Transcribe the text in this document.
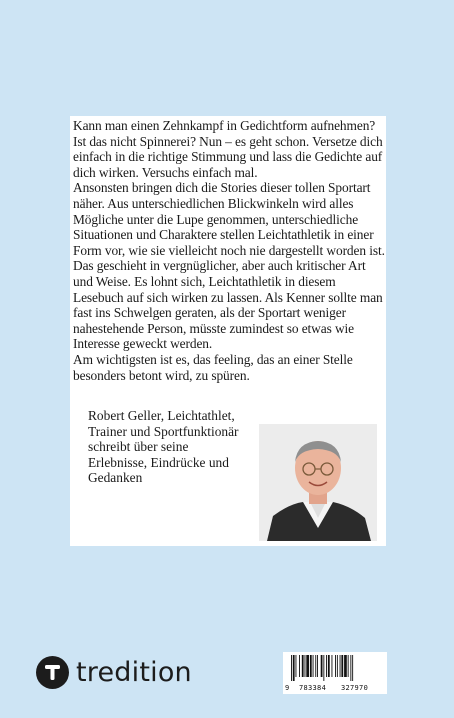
Kann man einen Zehnkampf in Gedichtform aufnehmen? Ist das nicht Spinnerei? Nun – es geht schon. Versetze dich einfach in die richtige Stimmung und lass die Gedichte auf dich wirken. Versuchs einfach mal.

Ansonsten bringen dich die Stories dieser tollen Sportart näher. Aus unterschiedlichen Blickwinkeln wird alles Mögliche unter die Lupe genommen, unterschiedliche Situationen und Charaktere stellen Leichtathletik in einer Form vor, wie sie vielleicht noch nie dargestellt worden ist. Das geschieht in vergnüglicher, aber auch kritischer Art und Weise. Es lohnt sich, Leichtathletik in diesem Lesebuch auf sich wirken zu lassen. Als Kenner sollte man fast ins Schwelgen geraten, als der Sportart weniger nahestehende Person, müsste zumindest so etwas wie Interesse geweckt werden.

Am wichtigsten ist es, das feeling, das an einer Stelle besonders betont wird, zu spüren.

Robert Geller, Leichtathlet, Trainer und Sportfunktionär schreibt über seine Erlebnisse, Eindrücke und Gedanken

tredition
9 783384 327970
